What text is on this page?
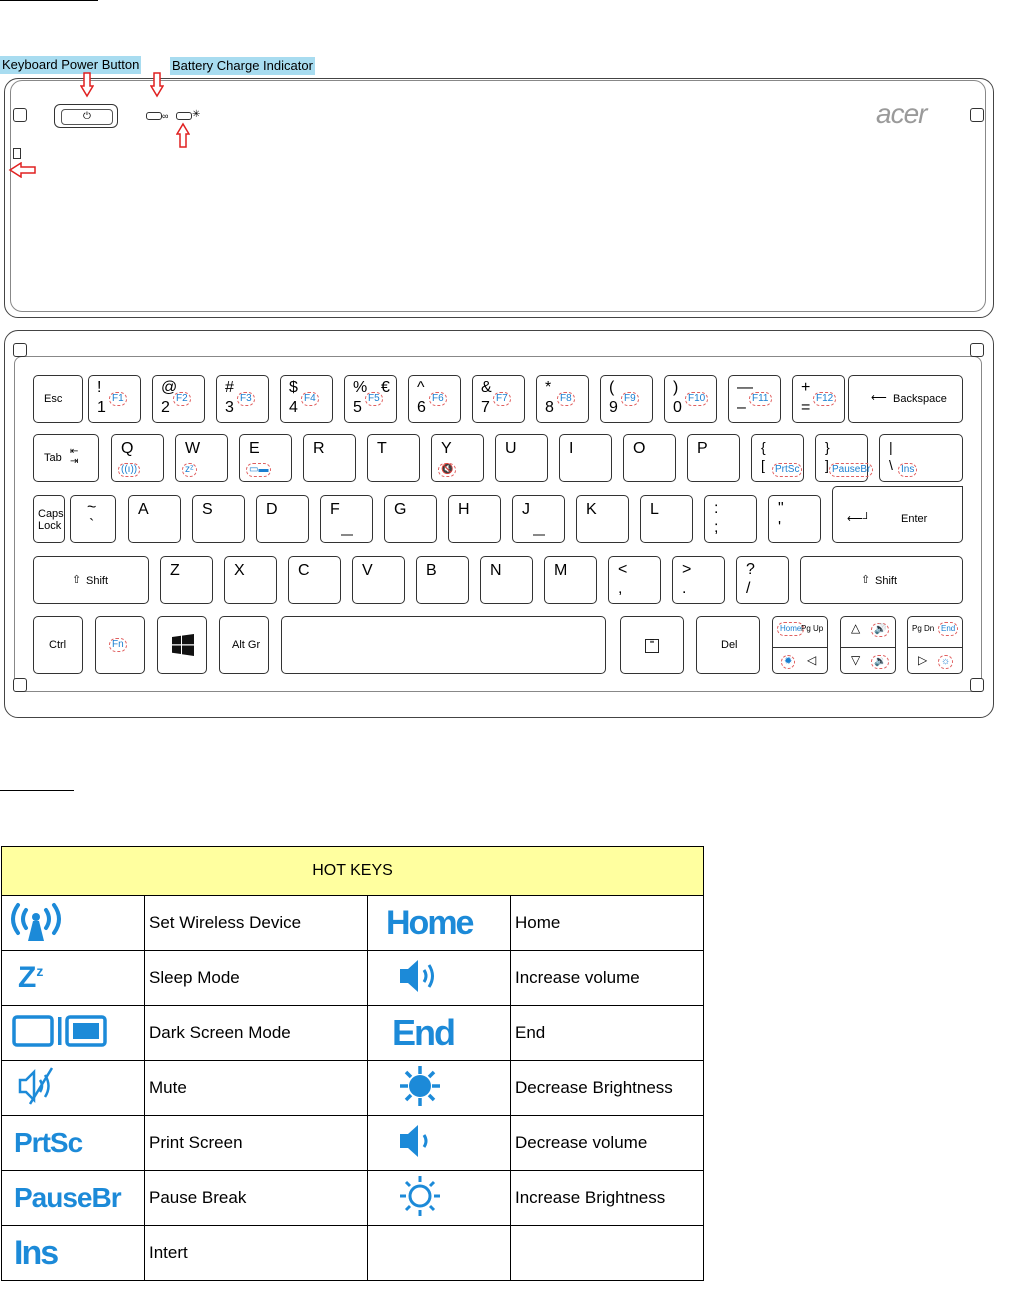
Keyboard Power Button	Battery Charge Indicator
⏻	∞ ✳	acer
Esc
!
1
F1
@
2
F2
#
3
F3
$
4
F4
%
5
F5
€ ^
6
F6
&
7
F7
*
8
F8
(
9
F9
)
0
F10
—
–
F11
+
=
F12	⟵ Backspace
Tab
⇤
⇥
Q
((ı))
W
zᶻ
E
▭▬
R	T	Y
🔇
U	I	O	P	{
[	PrtSc
}
] PauseBr
|
\ Ins
Caps
Lock
~
`
A	S	D	F	G	H	J	K	L	:
;
"
'	⟵┘	Enter
⇧ Shift
Z	X	C	V	B	N	M	<
,
>
.
?
/	⇧ Shift
Ctrl	Fn	Alt Gr	≡	Del
Home Pg Up
✹ ◁
△	🔊
▽	🔉
Pg Dn End
▷	☼
HOT KEYS			
	Set Wireless Device	Home	Home
$Z^z$	Sleep Mode		Increase volume
	Dark Screen Mode	End	End
	Mute		Decrease Brightness
PrtSc	Print Screen		Decrease volume
PauseBr	Pause Break		Increase Brightness
Ins	Intert		
